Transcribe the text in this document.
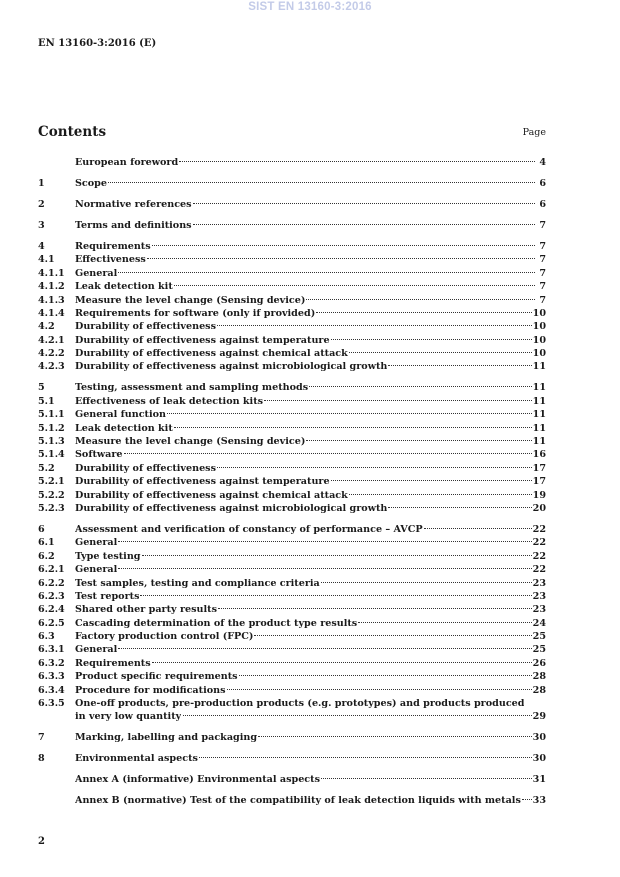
SIST EN 13160-3:2016
EN 13160-3:2016 (E)
Contents	Page
European foreword	4
1	Scope	6
2	Normative references	6
3	Terms and definitions	7
4	Requirements	7
4.1	Effectiveness	7
4.1.1	General	7
4.1.2	Leak detection kit	7
4.1.3	Measure the level change (Sensing device)	7
4.1.4	Requirements for software (only if provided)	10
4.2	Durability of effectiveness	10
4.2.1	Durability of effectiveness against temperature	10
4.2.2	Durability of effectiveness against chemical attack	10
4.2.3	Durability of effectiveness against microbiological growth	11
5	Testing, assessment and sampling methods	11
5.1	Effectiveness of leak detection kits	11
5.1.1	General function	11
5.1.2	Leak detection kit	11
5.1.3	Measure the level change (Sensing device)	11
5.1.4	Software	16
5.2	Durability of effectiveness	17
5.2.1	Durability of effectiveness against temperature	17
5.2.2	Durability of effectiveness against chemical attack	19
5.2.3	Durability of effectiveness against microbiological growth	20
6	Assessment and verification of constancy of performance – AVCP	22
6.1	General	22
6.2	Type testing	22
6.2.1	General	22
6.2.2	Test samples, testing and compliance criteria	23
6.2.3	Test reports	23
6.2.4	Shared other party results	23
6.2.5	Cascading determination of the product type results	24
6.3	Factory production control (FPC)	25
6.3.1	General	25
6.3.2	Requirements	26
6.3.3	Product specific requirements	28
6.3.4	Procedure for modifications	28
6.3.5	One-off products, pre-production products (e.g. prototypes) and products produced
in very low quantity	29
7	Marking, labelling and packaging	30
8	Environmental aspects	30
Annex A (informative) Environmental aspects	31
Annex B (normative) Test of the compatibility of leak detection liquids with metals 33
2
